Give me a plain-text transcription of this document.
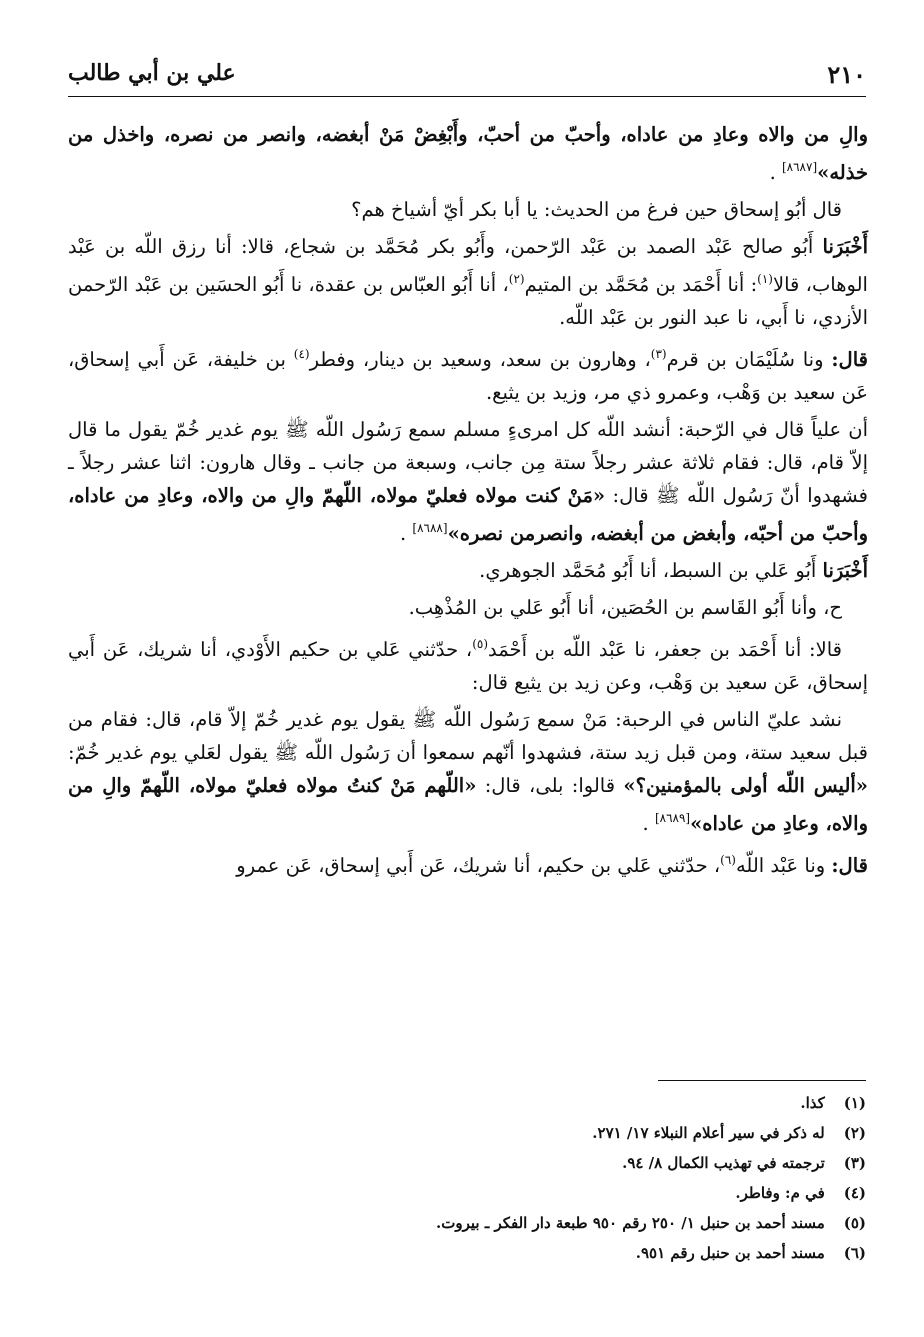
٢١٠
علي بن أبي طالب

والِ من والاه وعادِ من عاداه، وأحبّ من أحبّ، وأَبْغِضْ مَنْ أبغضه، وانصر من نصره، واخذل من خذله»[٨٦٨٧] .

قال أبُو إسحاق حين فرغ من الحديث: يا أبا بكر أيّ أشياخ هم؟

أَخْبَرَنا أَبُو صالح عَبْد الصمد بن عَبْد الرّحمن، وأَبُو بكر مُحَمَّد بن شجاع، قالا: أنا رزق اللّه بن عَبْد الوهاب، قالا$^{(١)}$: أنا أَحْمَد بن مُحَمَّد بن المتيم$^{(٢)}$، أنا أَبُو العبّاس بن عقدة، نا أَبُو الحسَين بن عَبْد الرّحمن الأزدي، نا أَبي، نا عبد النور بن عَبْد اللّه.

قال: ونا سُلَيْمَان بن قرم$^{(٣)}$، وهارون بن سعد، وسعيد بن دينار، وفطر$^{(٤)}$ بن خليفة، عَن أَبي إسحاق، عَن سعيد بن وَهْب، وعمرو ذي مر، وزيد بن يثيع.

أن علياً قال في الرّحبة: أنشد اللّه كل امرىءٍ مسلم سمع رَسُول اللّه ﷺ يوم غدير خُمّ يقول ما قال إلاّ قام، قال: فقام ثلاثة عشر رجلاً ستة مِن جانب، وسبعة من جانب ـ وقال هارون: اثنا عشر رجلاً ـ فشهدوا أنّ رَسُول اللّه ﷺ قال: «مَنْ كنت مولاه فعليّ مولاه، اللّهمّ والِ من والاه، وعادِ من عاداه، وأحبّ من أحبّه، وأبغض من أبغضه، وانصرمن نصره»[٨٦٨٨] .

أَخْبَرَنا أَبُو عَلي بن السبط، أنا أَبُو مُحَمَّد الجوهري.

ح، وأنا أَبُو القَاسم بن الحُصَين، أنا أَبُو عَلي بن المُذْهِب.

قالا: أنا أَحْمَد بن جعفر، نا عَبْد اللّه بن أَحْمَد$^{(٥)}$، حدّثني عَلي بن حكيم الأَوْدي، أنا شريك، عَن أَبي إسحاق، عَن سعيد بن وَهْب، وعن زيد بن يثيع قال:

نشد عليّ الناس في الرحبة: مَنْ سمع رَسُول اللّه ﷺ يقول يوم غدير خُمّ إلاّ قام، قال: فقام من قبل سعيد ستة، ومن قبل زيد ستة، فشهدوا أنّهم سمعوا أن رَسُول اللّه ﷺ يقول لعَلي يوم غدير خُمّ: «أليس اللّه أولى بالمؤمنين؟» قالوا: بلى، قال: «اللّهم مَنْ كنتُ مولاه فعليّ مولاه، اللّهمّ والِ من والاه، وعادِ من عاداه»[٨٦٨٩] .

قال: ونا عَبْد اللّه$^{(٦)}$، حدّثني عَلي بن حكيم، أنا شريك، عَن أَبي إسحاق، عَن عمرو

(١) كذا.
(٢) له ذكر في سير أعلام النبلاء ١٧/ ٢٧١.
(٣) ترجمته في تهذيب الكمال ٨/ ٩٤.
(٤) في م: وفاطر.
(٥) مسند أحمد بن حنبل ١/ ٢٥٠ رقم ٩٥٠ طبعة دار الفكر ـ بيروت.
(٦) مسند أحمد بن حنبل رقم ٩٥١.
